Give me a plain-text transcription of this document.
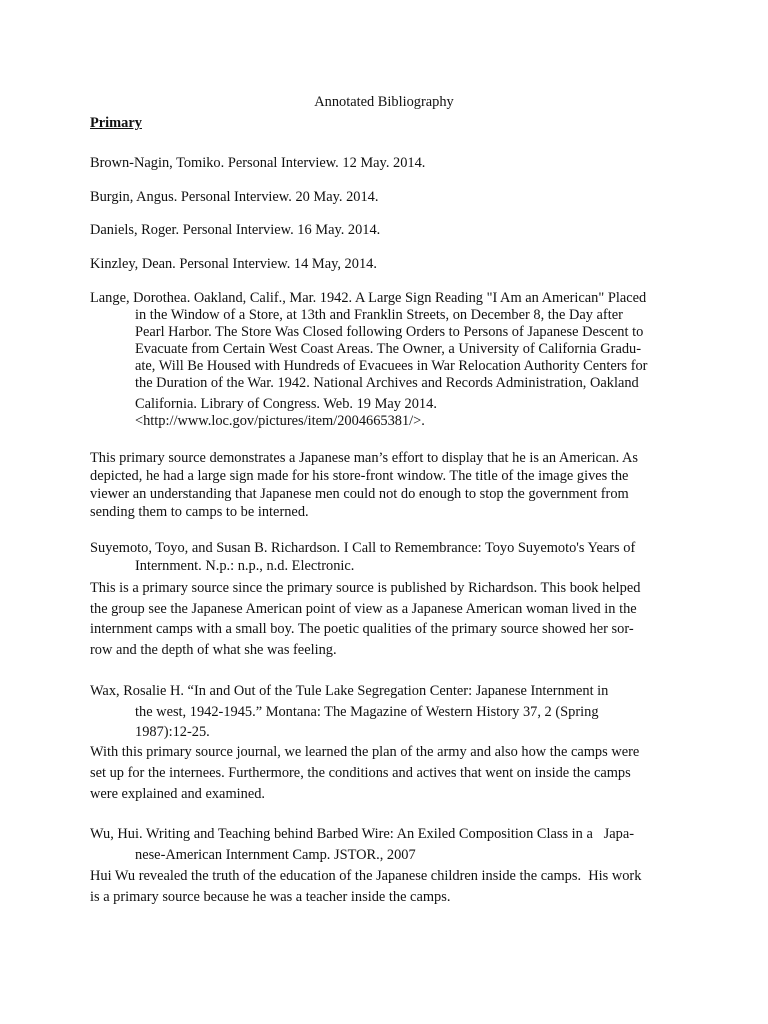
Annotated Bibliography
Primary
Brown-Nagin, Tomiko. Personal Interview. 12 May. 2014.
Burgin, Angus. Personal Interview. 20 May. 2014.
Daniels, Roger. Personal Interview. 16 May. 2014.
Kinzley, Dean. Personal Interview. 14 May, 2014.
Lange, Dorothea. Oakland, Calif., Mar. 1942. A Large Sign Reading "I Am an American" Placed
in the Window of a Store, at 13th and Franklin Streets, on December 8, the Day after
Pearl Harbor. The Store Was Closed following Orders to Persons of Japanese Descent to
Evacuate from Certain West Coast Areas. The Owner, a University of California Gradu-
ate, Will Be Housed with Hundreds of Evacuees in War Relocation Authority Centers for
the Duration of the War. 1942. National Archives and Records Administration, Oakland
California. Library of Congress. Web. 19 May 2014.
<http://www.loc.gov/pictures/item/2004665381/>.
This primary source demonstrates a Japanese man’s effort to display that he is an American. As
depicted, he had a large sign made for his store-front window. The title of the image gives the
viewer an understanding that Japanese men could not do enough to stop the government from
sending them to camps to be interned.
Suyemoto, Toyo, and Susan B. Richardson. I Call to Remembrance: Toyo Suyemoto's Years of
Internment. N.p.: n.p., n.d. Electronic.
This is a primary source since the primary source is published by Richardson. This book helped
the group see the Japanese American point of view as a Japanese American woman lived in the
internment camps with a small boy. The poetic qualities of the primary source showed her sor-
row and the depth of what she was feeling.
Wax, Rosalie H. “In and Out of the Tule Lake Segregation Center: Japanese Internment in
the west, 1942-1945.” Montana: The Magazine of Western History 37, 2 (Spring
1987):12-25.
With this primary source journal, we learned the plan of the army and also how the camps were
set up for the internees. Furthermore, the conditions and actives that went on inside the camps
were explained and examined.
Wu, Hui. Writing and Teaching behind Barbed Wire: An Exiled Composition Class in a   Japa-
nese-American Internment Camp. JSTOR., 2007
Hui Wu revealed the truth of the education of the Japanese children inside the camps.  His work
is a primary source because he was a teacher inside the camps.
